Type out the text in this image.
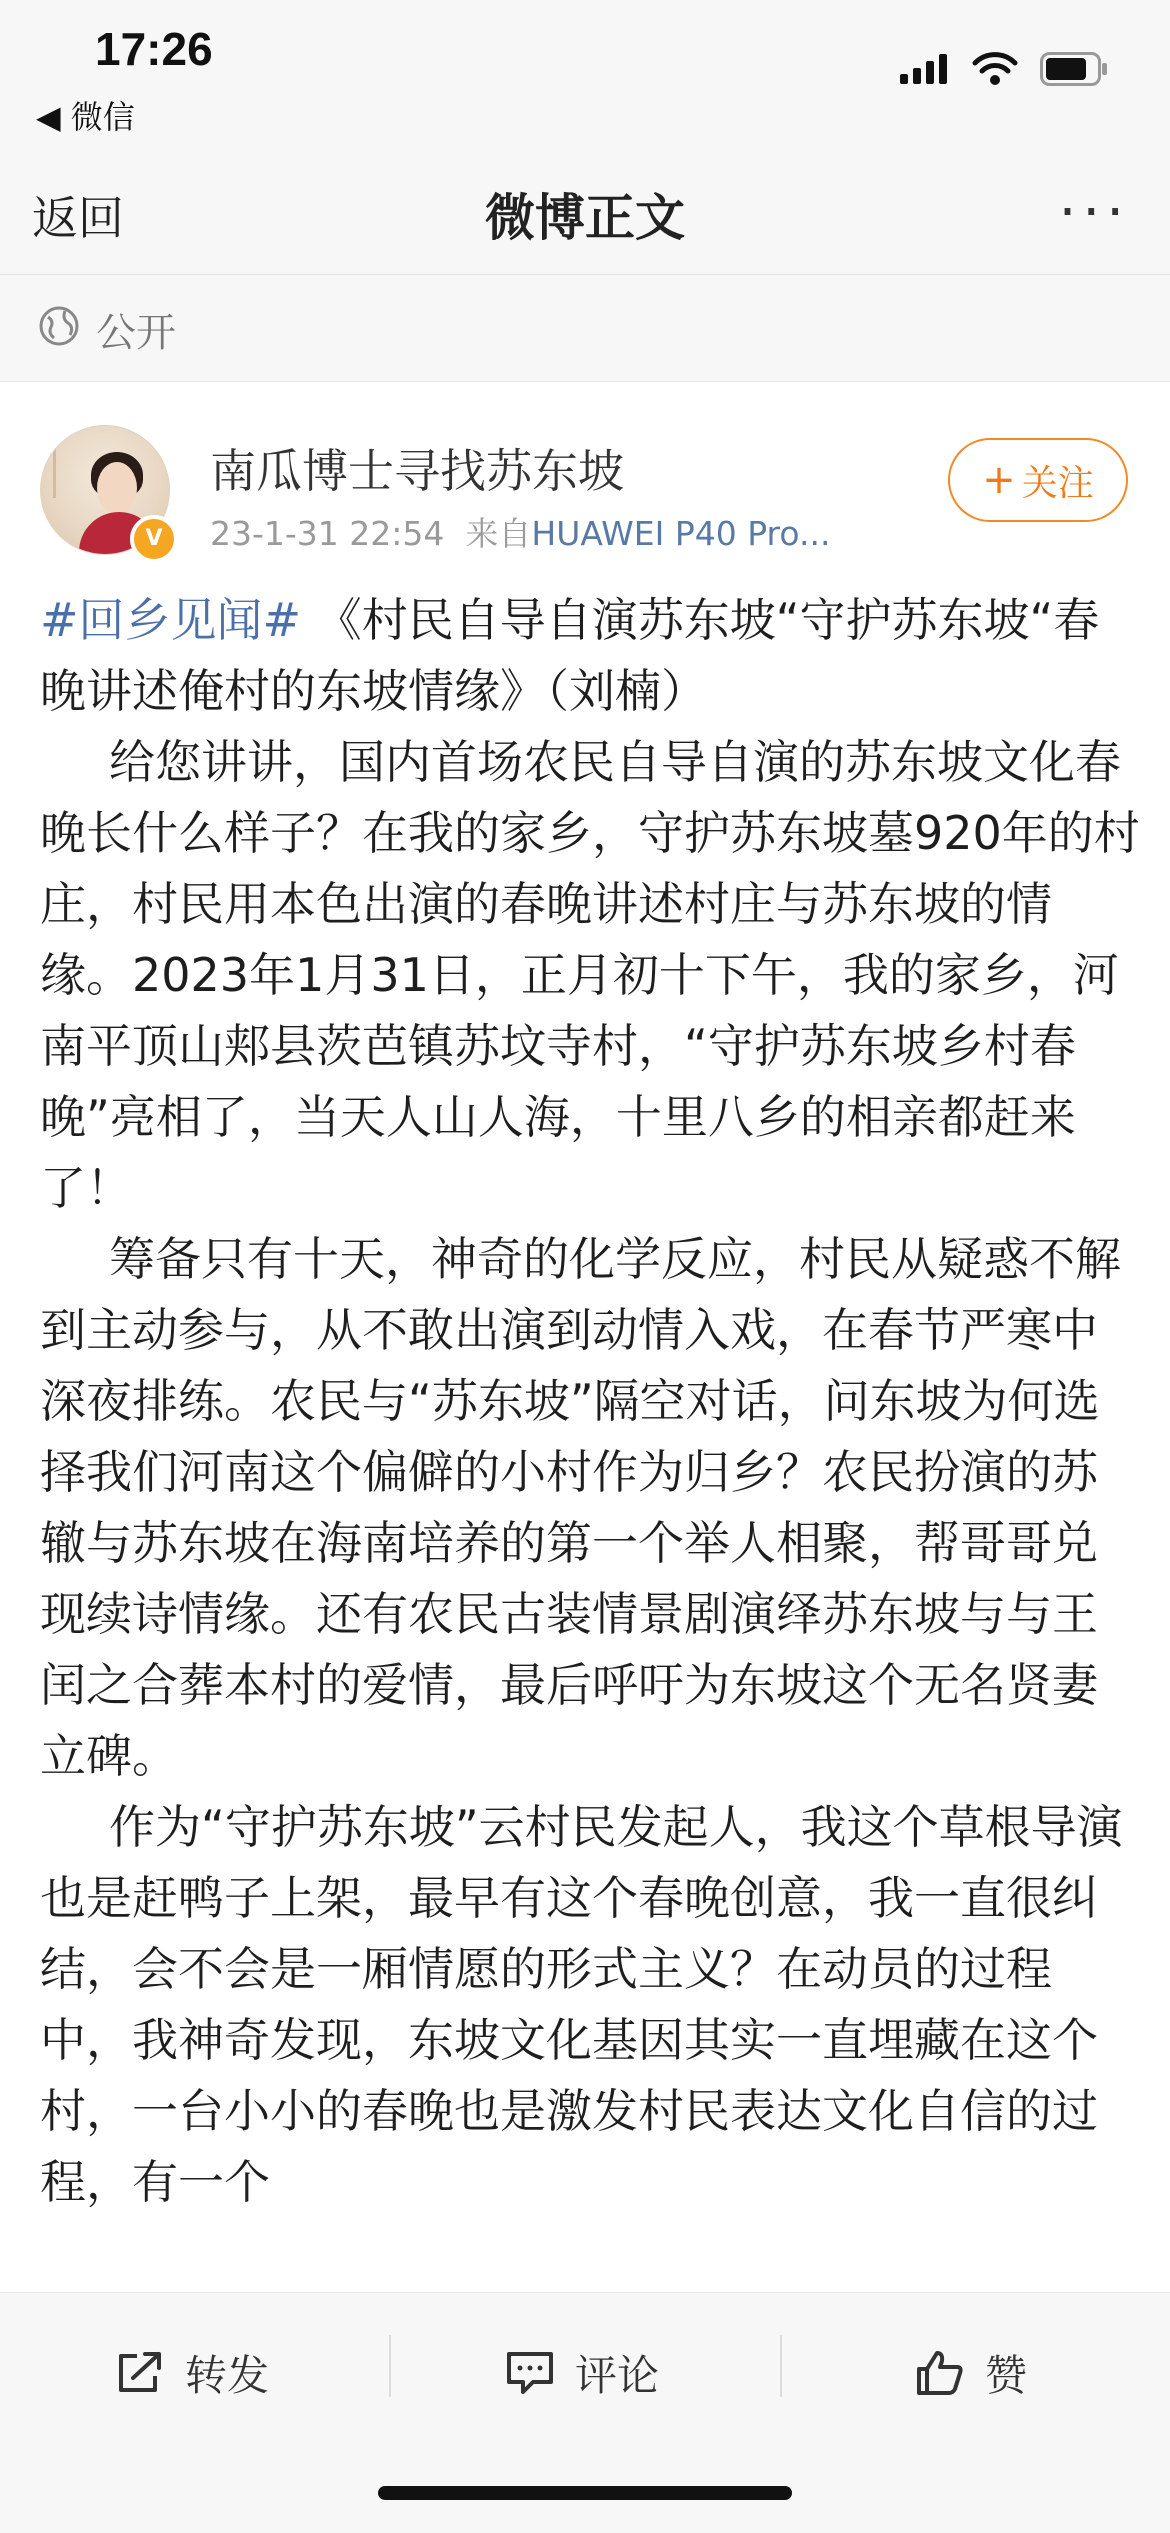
17:26
◀ 微信
返回	微博正文	···
公开
V
南瓜博士寻找苏东坡
23-1-31 22:54 来自HUAWEI P40 Pro...
+ 关注

#回乡见闻# 《村民自导自演苏东坡“守护苏东坡“春晚讲述俺村的东坡情缘》（刘楠）

给您讲讲，国内首场农民自导自演的苏东坡文化春晚长什么样子？在我的家乡，守护苏东坡墓920年的村庄，村民用本色出演的春晚讲述村庄与苏东坡的情缘。2023年1月31日，正月初十下午，我的家乡，河南平顶山郏县茨芭镇苏坟寺村，“守护苏东坡乡村春晚”亮相了，当天人山人海，十里八乡的相亲都赶来了！

筹备只有十天，神奇的化学反应，村民从疑惑不解到主动参与，从不敢出演到动情入戏，在春节严寒中深夜排练。农民与“苏东坡”隔空对话，问东坡为何选择我们河南这个偏僻的小村作为归乡？农民扮演的苏辙与苏东坡在海南培养的第一个举人相聚，帮哥哥兑现续诗情缘。还有农民古装情景剧演绎苏东坡与与王闰之合葬本村的爱情，最后呼吁为东坡这个无名贤妻立碑。

作为“守护苏东坡”云村民发起人，我这个草根导演也是赶鸭子上架，最早有这个春晚创意，我一直很纠结，会不会是一厢情愿的形式主义？在动员的过程中，我神奇发现，东坡文化基因其实一直埋藏在这个村，一台小小的春晚也是激发村民表达文化自信的过程，有一个

转发	评论	赞
